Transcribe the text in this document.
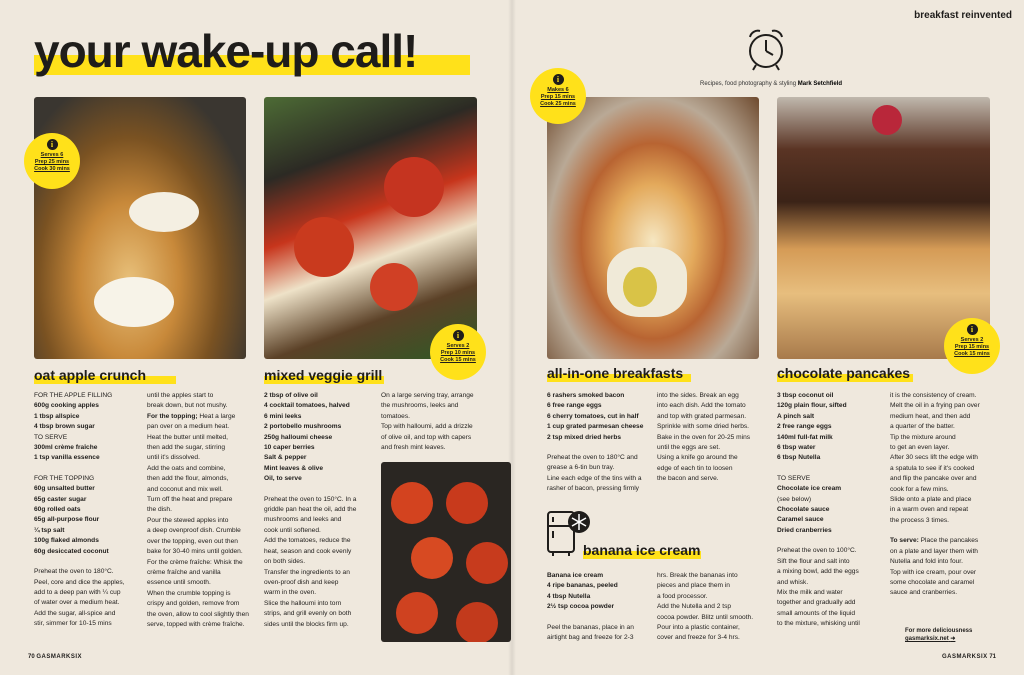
your wake-up call!
breakfast reinvented
Recipes, food photography & styling Mark Setchfield
i
Serves 6
Prep 25 mins
Cook 30 mins
i
Serves 2
Prep 10 mins
Cook 15 mins
i
Makes 6
Prep 15 mins
Cook 25 mins
i
Serves 2
Prep 15 mins
Cook 15 mins
oat apple crunch	mixed veggie grill	all-in-one breakfasts	chocolate pancakes
banana ice cream

FOR THE APPLE FILLING

600g cooking apples

1 tbsp allspice

4 tbsp brown sugar

TO SERVE

300ml crème fraîche

1 tsp vanilla essence

FOR THE TOPPING

60g unsalted butter

65g caster sugar

60g rolled oats

65g all-purpose flour

¼ tsp salt

100g flaked almonds

60g desiccated coconut

Preheat the oven to 180°C.

Peel, core and dice the apples,

add to a deep pan with ¼ cup

of water over a medium heat.

Add the sugar, all-spice and

stir, simmer for 10-15 mins

until the apples start to

break down, but not mushy.

For the topping; Heat a large

pan over on a medium heat.

Heat the butter until melted,

then add the sugar, stirring

until it's dissolved.

Add the oats and combine,

then add the flour, almonds,

and coconut and mix well.

Turn off the heat and prepare

the dish.

Pour the stewed apples into

a deep ovenproof dish. Crumble

over the topping, even out then

bake for 30-40 mins until golden.

For the crème fraîche: Whisk the

crème fraîche and vanilla

essence until smooth.

When the crumble topping is

crispy and golden, remove from

the oven, allow to cool slightly then

serve, topped with crème fraîche.

2 tbsp of olive oil

4 cocktail tomatoes, halved

6 mini leeks

2 portobello mushrooms

250g halloumi cheese

10 caper berries

Salt & pepper

Mint leaves & olive

Oil, to serve

Preheat the oven to 150°C. In a

griddle pan heat the oil, add the

mushrooms and leeks and

cook until softened.

Add the tomatoes, reduce the

heat, season and cook evenly

on both sides.

Transfer the ingredients to an

oven-proof dish and keep

warm in the oven.

Slice the halloumi into torn

strips, and grill evenly on both

sides until the blocks firm up.

On a large serving tray, arrange

the mushrooms, leeks and

tomatoes.

Top with halloumi, add a drizzle

of olive oil, and top with capers

and fresh mint leaves.

6 rashers smoked bacon

6 free range eggs

6 cherry tomatoes, cut in half

1 cup grated parmesan cheese

2 tsp mixed dried herbs

Preheat the oven to 180°C and

grease a 6-tin bun tray.

Line each edge of the tins with a

rasher of bacon, pressing firmly

into the sides. Break an egg

into each dish. Add the tomato

and top with grated parmesan.

Sprinkle with some dried herbs.

Bake in the oven for 20-25 mins

until the eggs are set.

Using a knife go around the

edge of each tin to loosen

the bacon and serve.

Banana ice cream

4 ripe bananas, peeled

4 tbsp Nutella

2½ tsp cocoa powder

Peel the bananas, place in an

airtight bag and freeze for 2-3

hrs. Break the bananas into

pieces and place them in

a food processor.

Add the Nutella and 2 tsp

cocoa powder. Blitz until smooth.

Pour into a plastic container,

cover and freeze for 3-4 hrs.

3 tbsp coconut oil

120g plain flour, sifted

A pinch salt

2 free range eggs

140ml full-fat milk

6 tbsp water

6 tbsp Nutella

TO SERVE

Chocolate ice cream

(see below)

Chocolate sauce

Caramel sauce

Dried cranberries

Preheat the oven to 100°C.

Sift the flour and salt into

a mixing bowl, add the eggs

and whisk.

Mix the milk and water

together and gradually add

small amounts of the liquid

to the mixture, whisking until

it is the consistency of cream.

Melt the oil in a frying pan over

medium heat, and then add

a quarter of the batter.

Tip the mixture around

to get an even layer.

After 30 secs lift the edge with

a spatula to see if it's cooked

and flip the pancake over and

cook for a few mins.

Slide onto a plate and place

in a warm oven and repeat

the process 3 times.

To serve: Place the pancakes

on a plate and layer them with

Nutella and fold into four.

Top with ice cream, pour over

some chocolate and caramel

sauce and cranberries.

For more deliciousness
gasmarksix.net ➜
70 GASMARKSIX	GASMARKSIX 71
